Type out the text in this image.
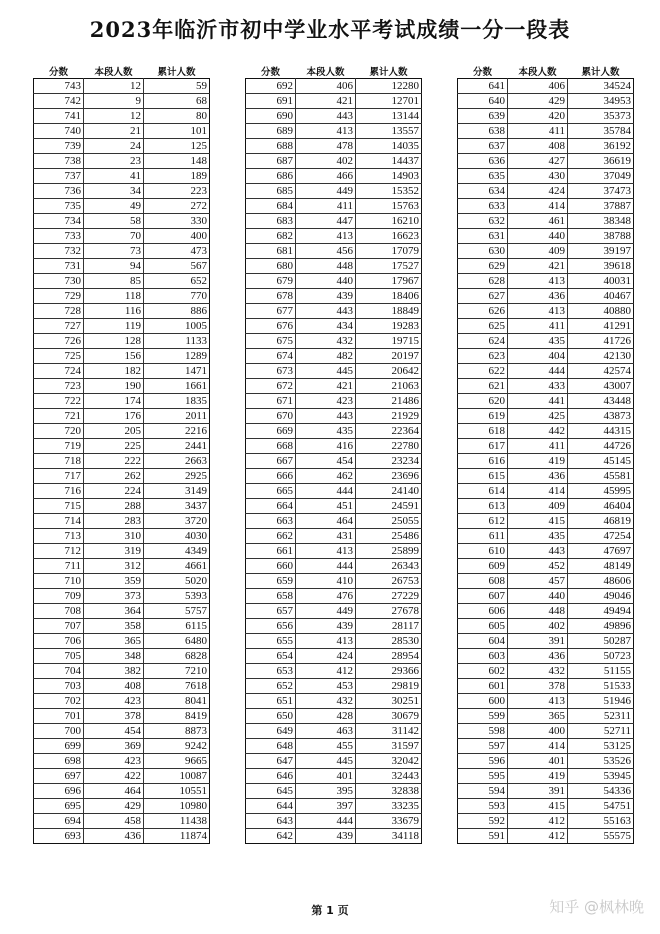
2023年临沂市初中学业水平考试成绩一分一段表
分数	本段人数	累计人数
743	12	59
742	9	68
741	12	80
740	21	101
739	24	125
738	23	148
737	41	189
736	34	223
735	49	272
734	58	330
733	70	400
732	73	473
731	94	567
730	85	652
729	118	770
728	116	886
727	119	1005
726	128	1133
725	156	1289
724	182	1471
723	190	1661
722	174	1835
721	176	2011
720	205	2216
719	225	2441
718	222	2663
717	262	2925
716	224	3149
715	288	3437
714	283	3720
713	310	4030
712	319	4349
711	312	4661
710	359	5020
709	373	5393
708	364	5757
707	358	6115
706	365	6480
705	348	6828
704	382	7210
703	408	7618
702	423	8041
701	378	8419
700	454	8873
699	369	9242
698	423	9665
697	422	10087
696	464	10551
695	429	10980
694	458	11438
693	436	11874
分数	本段人数	累计人数
692	406	12280
691	421	12701
690	443	13144
689	413	13557
688	478	14035
687	402	14437
686	466	14903
685	449	15352
684	411	15763
683	447	16210
682	413	16623
681	456	17079
680	448	17527
679	440	17967
678	439	18406
677	443	18849
676	434	19283
675	432	19715
674	482	20197
673	445	20642
672	421	21063
671	423	21486
670	443	21929
669	435	22364
668	416	22780
667	454	23234
666	462	23696
665	444	24140
664	451	24591
663	464	25055
662	431	25486
661	413	25899
660	444	26343
659	410	26753
658	476	27229
657	449	27678
656	439	28117
655	413	28530
654	424	28954
653	412	29366
652	453	29819
651	432	30251
650	428	30679
649	463	31142
648	455	31597
647	445	32042
646	401	32443
645	395	32838
644	397	33235
643	444	33679
642	439	34118
分数	本段人数	累计人数
641	406	34524
640	429	34953
639	420	35373
638	411	35784
637	408	36192
636	427	36619
635	430	37049
634	424	37473
633	414	37887
632	461	38348
631	440	38788
630	409	39197
629	421	39618
628	413	40031
627	436	40467
626	413	40880
625	411	41291
624	435	41726
623	404	42130
622	444	42574
621	433	43007
620	441	43448
619	425	43873
618	442	44315
617	411	44726
616	419	45145
615	436	45581
614	414	45995
613	409	46404
612	415	46819
611	435	47254
610	443	47697
609	452	48149
608	457	48606
607	440	49046
606	448	49494
605	402	49896
604	391	50287
603	436	50723
602	432	51155
601	378	51533
600	413	51946
599	365	52311
598	400	52711
597	414	53125
596	401	53526
595	419	53945
594	391	54336
593	415	54751
592	412	55163
591	412	55575
第 1 页	知乎 @枫林晚
